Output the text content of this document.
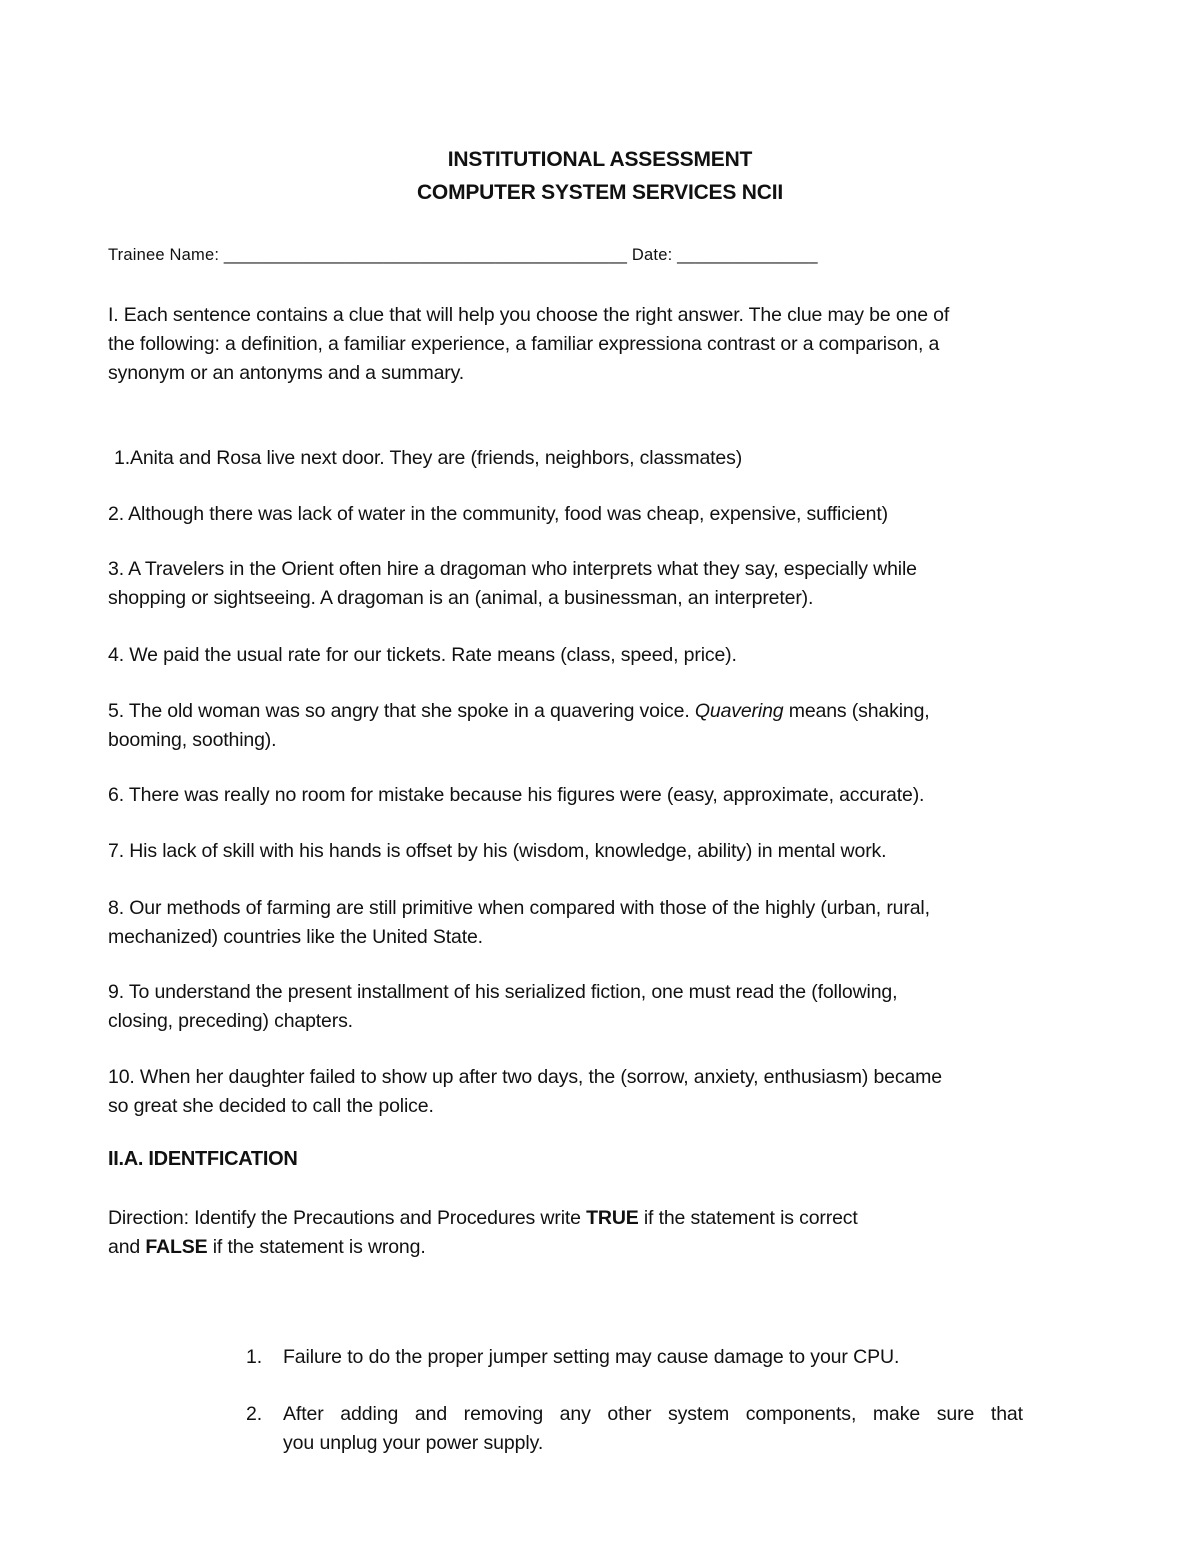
INSTITUTIONAL ASSESSMENT
COMPUTER SYSTEM SERVICES NCII
Trainee Name: ___________________________________________ Date: _______________
I. Each sentence contains a clue that will help you choose the right answer. The clue may be one of
the following: a definition, a familiar experience, a familiar expressiona contrast or a comparison, a
synonym or an antonyms and a summary.
1.Anita and Rosa live next door. They are (friends, neighbors, classmates)
2. Although there was lack of water in the community, food was cheap, expensive, sufficient)
3. A Travelers in the Orient often hire a dragoman who interprets what they say, especially while
shopping or sightseeing. A dragoman is an (animal, a businessman, an interpreter).
4. We paid the usual rate for our tickets. Rate means (class, speed, price).
5. The old woman was so angry that she spoke in a quavering voice. Quavering means (shaking,
booming, soothing).
6. There was really no room for mistake because his figures were (easy, approximate, accurate).
7. His lack of skill with his hands is offset by his (wisdom, knowledge, ability) in mental work.
8. Our methods of farming are still primitive when compared with those of the highly (urban, rural,
mechanized) countries like the United State.
9. To understand the present installment of his serialized fiction, one must read the (following,
closing, preceding) chapters.
10. When her daughter failed to show up after two days, the (sorrow, anxiety, enthusiasm) became
so great she decided to call the police.
II.A. IDENTFICATION
Direction: Identify the Precautions and Procedures write TRUE if the statement is correct
and FALSE if the statement is wrong.
1. Failure to do the proper jumper setting may cause damage to your CPU.
2. After adding and removing any other system components, make sure that
you unplug your power supply.
